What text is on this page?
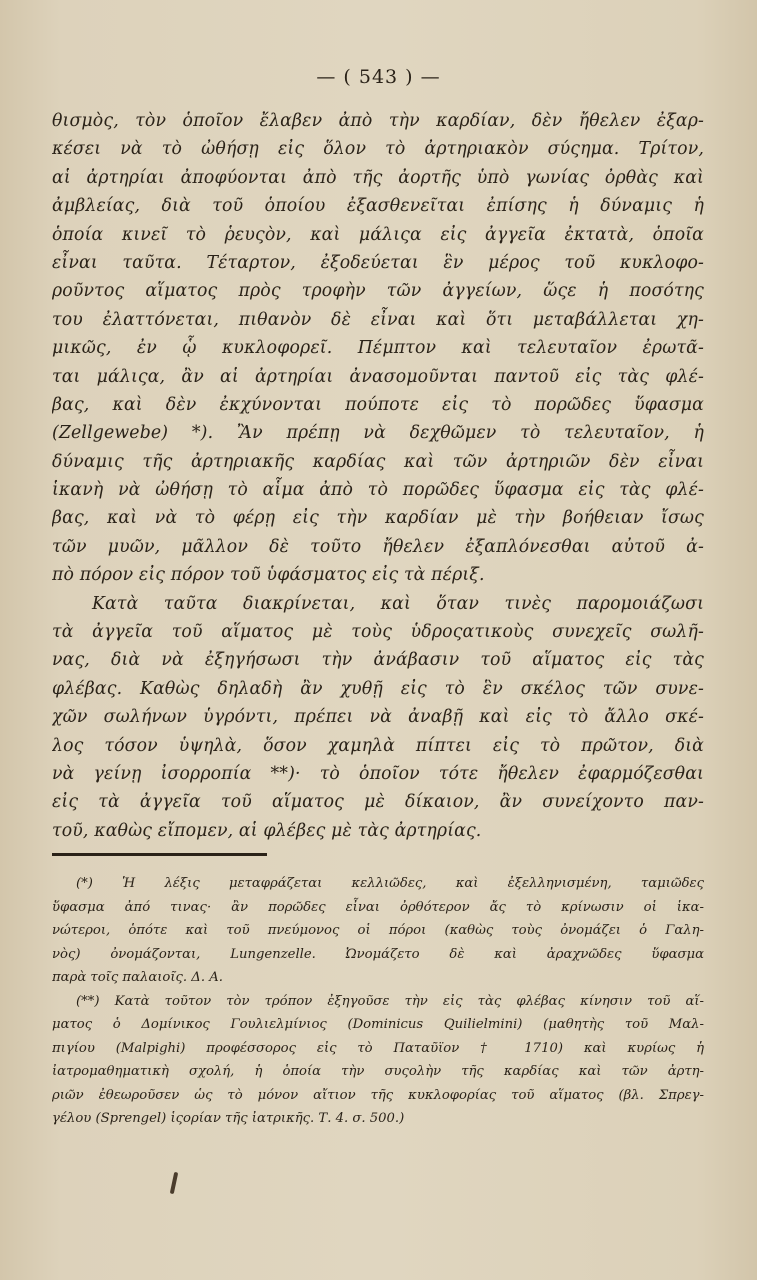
— ( 543 ) —
θισμὸς, τὸν ὁποῖον ἔλαβεν ἀπὸ τὴν καρδίαν, δὲν ἤθελεν ἐξαρ-
κέσει νὰ τὸ ὠθήσῃ εἰς ὅλον τὸ ἀρτηριακὸν σύςημα. Τρίτον,
αἱ ἀρτηρίαι ἀποφύονται ἀπὸ τῆς ἀορτῆς ὑπὸ γωνίας ὀρθὰς καὶ
ἀμβλείας, διὰ τοῦ ὁποίου ἐξασθενεῖται ἐπίσης ἡ δύναμις ἡ
ὁποία κινεῖ τὸ ῥευςὸν, καὶ μάλιςα εἰς ἀγγεῖα ἐκτατὰ, ὁποῖα
εἶναι ταῦτα. Τέταρτον, ἐξοδεύεται ἓν μέρος τοῦ κυκλοφο-
ροῦντος αἵματος πρὸς τροφὴν τῶν ἀγγείων, ὥςε ἡ ποσότης
του ἐλαττόνεται, πιθανὸν δὲ εἶναι καὶ ὅτι μεταβάλλεται χη-
μικῶς, ἐν ᾧ κυκλοφορεῖ. Πέμπτον καὶ τελευταῖον ἐρωτᾶ-
ται μάλιςα, ἂν αἱ ἀρτηρίαι ἀνασομοῦνται παντοῦ εἰς τὰς φλέ-
βας, καὶ δὲν ἐκχύνονται πούποτε εἰς τὸ πορῶδες ὕφασμα
(Zellgewebe) *). Ἂν πρέπῃ νὰ δεχθῶμεν τὸ τελευταῖον, ἡ
δύναμις τῆς ἀρτηριακῆς καρδίας καὶ τῶν ἀρτηριῶν δὲν εἶναι
ἱκανὴ νὰ ὠθήσῃ τὸ αἷμα ἀπὸ τὸ πορῶδες ὕφασμα εἰς τὰς φλέ-
βας, καὶ νὰ τὸ φέρῃ εἰς τὴν καρδίαν μὲ τὴν βοήθειαν ἴσως
τῶν μυῶν, μᾶλλον δὲ τοῦτο ἤθελεν ἐξαπλόνεσθαι αὐτοῦ ἀ-
πὸ πόρον εἰς πόρον τοῦ ὑφάσματος εἰς τὰ πέριξ.
Κατὰ ταῦτα διακρίνεται, καὶ ὅταν τινὲς παρομοιάζωσι
τὰ ἀγγεῖα τοῦ αἵματος μὲ τοὺς ὑδροςατικοὺς συνεχεῖς σωλῆ-
νας, διὰ νὰ ἐξηγήσωσι τὴν ἀνάβασιν τοῦ αἵματος εἰς τὰς
φλέβας. Καθὼς δηλαδὴ ἂν χυθῇ εἰς τὸ ἓν σκέλος τῶν συνε-
χῶν σωλήνων ὑγρόντι, πρέπει νὰ ἀναβῇ καὶ εἰς τὸ ἄλλο σκέ-
λος τόσον ὑψηλὰ, ὅσον χαμηλὰ πίπτει εἰς τὸ πρῶτον, διὰ
νὰ γείνῃ ἰσορροπία **)· τὸ ὁποῖον τότε ἤθελεν ἐφαρμόζεσθαι
εἰς τὰ ἀγγεῖα τοῦ αἵματος μὲ δίκαιον, ἂν συνείχοντο παν-
τοῦ, καθὼς εἴπομεν, αἱ φλέβες μὲ τὰς ἀρτηρίας.
(*) Ἡ λέξις μεταφράζεται κελλιῶδες, καὶ ἐξελληνισμένη, ταμιῶδες
ὕφασμα ἀπό τινας· ἂν πορῶδες εἶναι ὀρθότερον ἄς τὸ κρίνωσιν οἱ ἱκα-
νώτεροι, ὁπότε καὶ τοῦ πνεύμονος οἱ πόροι (καθὼς τοὺς ὀνομάζει ὁ Γαλη-
νὸς) ὀνομάζονται, Lungenzelle. Ὠνομάζετο δὲ καὶ ἀραχνῶδες ὕφασμα
παρὰ τοῖς παλαιοῖς. Δ. Α.
(**) Κατὰ τοῦτον τὸν τρόπον ἐξηγοῦσε τὴν εἰς τὰς φλέβας κίνησιν τοῦ αἵ-
ματος ὁ Δομίνικος Γουλιελμίνιος (Dominicus Quilielmini) (μαθητὴς τοῦ Μαλ-
πιγίου (Malpighi) προφέσσορος εἰς τὸ Παταῦϊον † 1710) καὶ κυρίως ἡ
ἰατρομαθηματικὴ σχολή, ἡ ὁποία τὴν συςολὴν τῆς καρδίας καὶ τῶν ἀρτη-
ριῶν ἐθεωροῦσεν ὡς τὸ μόνον αἴτιον τῆς κυκλοφορίας τοῦ αἵματος (βλ. Σπρεγ-
γέλου (Sprengel) ἱςορίαν τῆς ἰατρικῆς. Τ. 4. σ. 500.)
